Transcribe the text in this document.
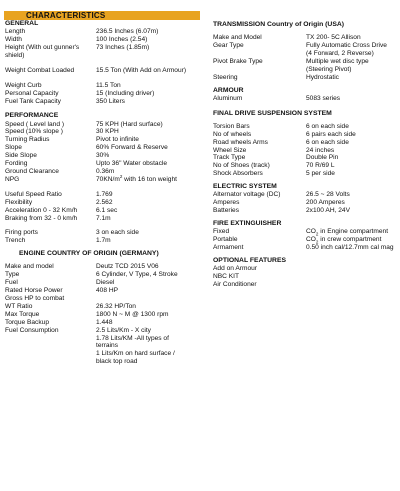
CHARACTERISTICS
GENERAL
Length	236.5 Inches (6.07m)
Width	100 Inches (2.54)
Height (With out gunner's	73 Inches (1.85m)
shield)
Weight Combat Loaded	15.5 Ton (With Add on Armour)
Weight Curb	11.5 Ton
Personal Capacity	15 (Including driver)
Fuel Tank Capacity	350 Liters
PERFORMANCE
Speed ( Level land )	75 KPH (Hard surface)
Speed (10% slope )	30 KPH
Turning Radius	Pivot to infinite
Slope	60% Forward & Reserve
Side Slope	30%
Fording	Upto 36" Water obstacle
Ground Clearance	0.36m
NPG	$70KN/m^2$ with 16 ton weight
Useful Speed Ratio	1.769
Flexibility	2.562
Acceleration 0 - 32 Km/h	6.1 sec
Braking from 32 - 0 km/h	7.1m
Firing ports	3 on each side
Trench	1.7m
ENGINE COUNTRY OF ORIGIN (GERMANY)
Make and model	Deutz TCD 2015 V06
Type	6 Cylinder, V Type, 4 Stroke
Fuel	Diesel
Rated Horse Power	408 HP
Gross HP to combat
WT Ratio	26.32 HP/Ton
Max Torque	1800 N ~ M @ 1300 rpm
Torque Backup	1.448
Fuel Consumption	2.5 Lits/Km - X city
1.78 Lits/KM -All types of
terrains
1 Lits/Km on hard surface /
black top road
TRANSMISSION Country of Origin (USA)
Make and Model	TX 200- 5C Allison
Gear Type	Fully Automatic Cross Drive
(4 Forward, 2 Reverse)
Pivot Brake Type	Multiple wet disc type
(Steering Pivot)
Steering	Hydrostatic
ARMOUR
Aluminum	5083 series
FINAL DRIVE SUSPENSION SYSTEM
Torsion Bars	6 on each side
No of wheels	6 pairs each side
Road wheels Arms	6 on each side
Wheel Size	24 inches
Track Type	Double Pin
No of Shoes (track)	70 R/69 L
Shock Absorbers	5 per side
ELECTRIC SYSTEM
Alternator voltage (DC)	26.5 ~ 28 Volts
Amperes	200 Amperes
Batteries	2x100 AH, 24V
FIRE EXTINGUISHER
Fixed	$CO_2$ in Engine compartment
Portable	$CO_2$ in crew compartment
Armament	0.50 inch cal/12.7mm cal mag
OPTIONAL FEATURES
Add on Armour
NBC KIT
Air Conditioner
